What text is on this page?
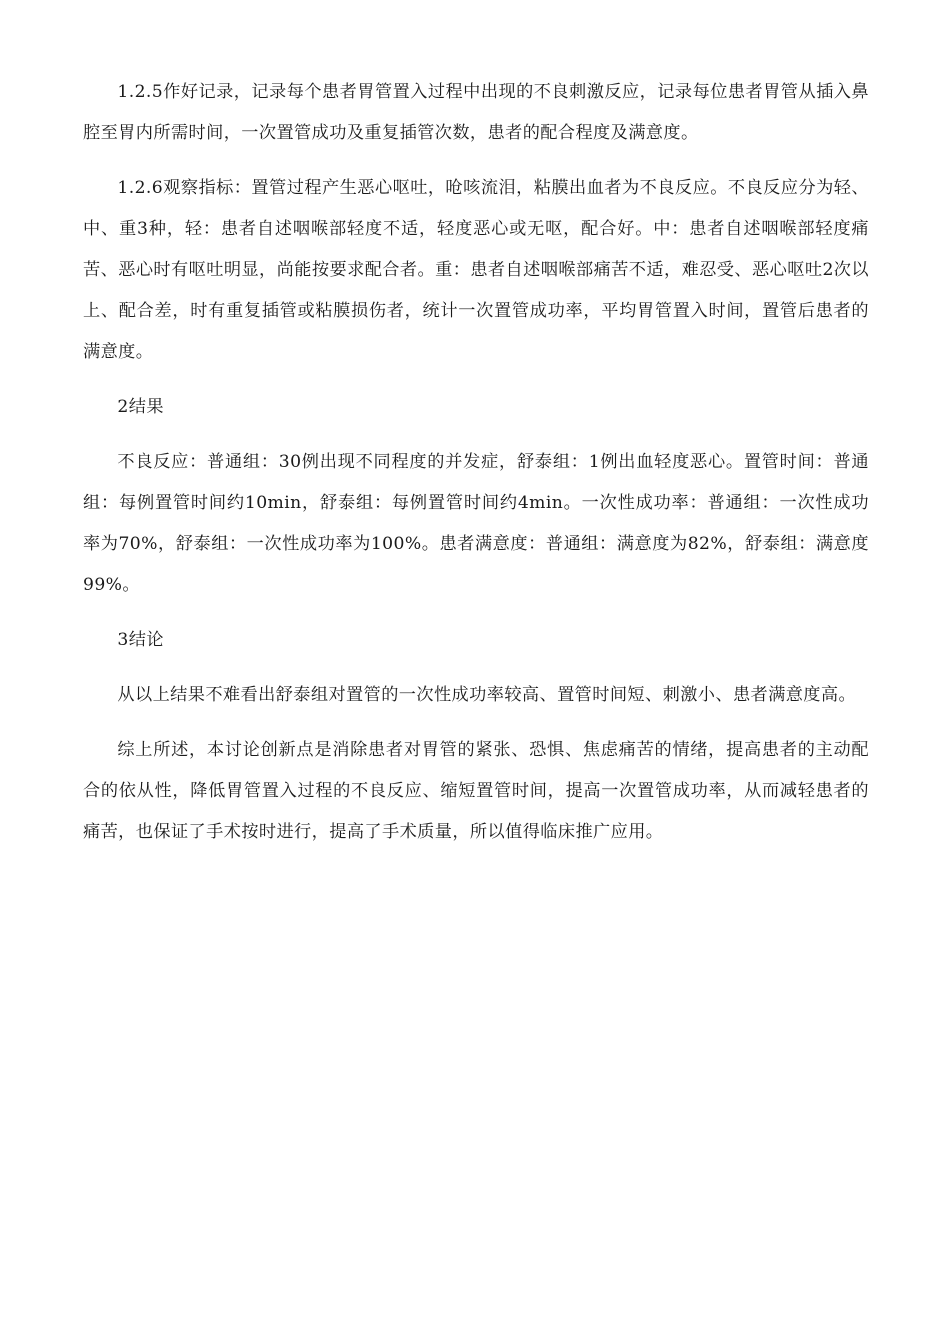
1.2.5作好记录，记录每个患者胃管置入过程中出现的不良刺激反应，记录每位患者胃管从插入鼻腔至胃内所需时间，一次置管成功及重复插管次数，患者的配合程度及满意度。

1.2.6观察指标：置管过程产生恶心呕吐，呛咳流泪，粘膜出血者为不良反应。不良反应分为轻、中、重3种，轻：患者自述咽喉部轻度不适，轻度恶心或无呕，配合好。中：患者自述咽喉部轻度痛苦、恶心时有呕吐明显，尚能按要求配合者。重：患者自述咽喉部痛苦不适，难忍受、恶心呕吐2次以上、配合差，时有重复插管或粘膜损伤者，统计一次置管成功率，平均胃管置入时间，置管后患者的满意度。

2结果

不良反应：普通组：30例出现不同程度的并发症，舒泰组：1例出血轻度恶心。置管时间：普通组：每例置管时间约10min，舒泰组：每例置管时间约4min。一次性成功率：普通组：一次性成功率为70%，舒泰组：一次性成功率为100%。患者满意度：普通组：满意度为82%，舒泰组：满意度99%。

3结论

从以上结果不难看出舒泰组对置管的一次性成功率较高、置管时间短、刺激小、患者满意度高。

综上所述，本讨论创新点是消除患者对胃管的紧张、恐惧、焦虑痛苦的情绪，提高患者的主动配合的依从性，降低胃管置入过程的不良反应、缩短置管时间，提高一次置管成功率，从而减轻患者的痛苦，也保证了手术按时进行，提高了手术质量，所以值得临床推广应用。
